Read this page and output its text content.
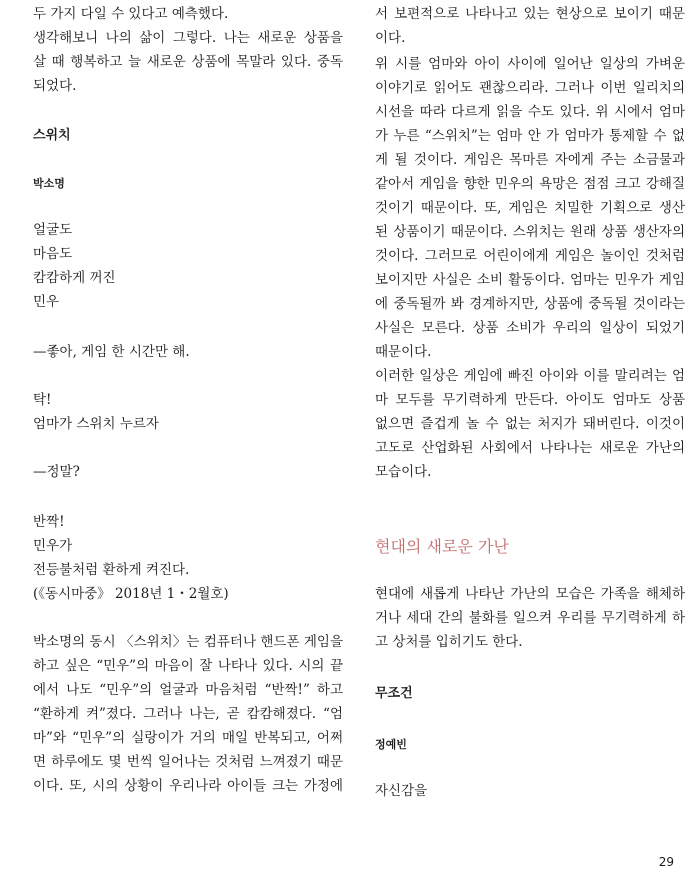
두 가지 다일 수 있다고 예측했다.
생각해보니 나의 삶이 그렇다. 나는 새로운 상품을
살 때 행복하고 늘 새로운 상품에 목말라 있다. 중독
되었다.
스위치
박소명
얼굴도
마음도
캄캄하게 꺼진
민우
—좋아, 게임 한 시간만 해.
탁!
엄마가 스위치 누르자
—정말?
반짝!
민우가
전등불처럼 환하게 켜진다.
(《동시마중》 2018년 1・2월호)
박소명의 동시 〈스위치〉는 컴퓨터나 핸드폰 게임을
하고 싶은 “민우”의 마음이 잘 나타나 있다. 시의 끝
에서 나도 “민우”의 얼굴과 마음처럼 “반짝!” 하고
“환하게 켜”졌다. 그러나 나는, 곧 캄캄해졌다. “엄
마”와 “민우”의 실랑이가 거의 매일 반복되고, 어쩌
면 하루에도 몇 번씩 일어나는 것처럼 느껴졌기 때문
이다. 또, 시의 상황이 우리나라 아이들 크는 가정에
서 보편적으로 나타나고 있는 현상으로 보이기 때문
이다.
위 시를 엄마와 아이 사이에 일어난 일상의 가벼운
이야기로 읽어도 괜찮으리라. 그러나 이번 일리치의
시선을 따라 다르게 읽을 수도 있다. 위 시에서 엄마
가 누른 “스위치”는 엄마 안 가 엄마가 통제할 수 없
게 될 것이다. 게임은 목마른 자에게 주는 소금물과
같아서 게임을 향한 민우의 욕망은 점점 크고 강해질
것이기 때문이다. 또, 게임은 치밀한 기획으로 생산
된 상품이기 때문이다. 스위치는 원래 상품 생산자의
것이다. 그러므로 어린이에게 게임은 놀이인 것처럼
보이지만 사실은 소비 활동이다. 엄마는 민우가 게임
에 중독될까 봐 경계하지만, 상품에 중독될 것이라는
사실은 모른다. 상품 소비가 우리의 일상이 되었기
때문이다.
이러한 일상은 게임에 빠진 아이와 이를 말리려는 엄
마 모두를 무기력하게 만든다. 아이도 엄마도 상품
없으면 즐겁게 놀 수 없는 처지가 돼버린다. 이것이
고도로 산업화된 사회에서 나타나는 새로운 가난의
모습이다.
현대의 새로운 가난
현대에 새롭게 나타난 가난의 모습은 가족을 해체하
거나 세대 간의 불화를 일으켜 우리를 무기력하게 하
고 상처를 입히기도 한다.
무조건
정예빈
자신감을
29
